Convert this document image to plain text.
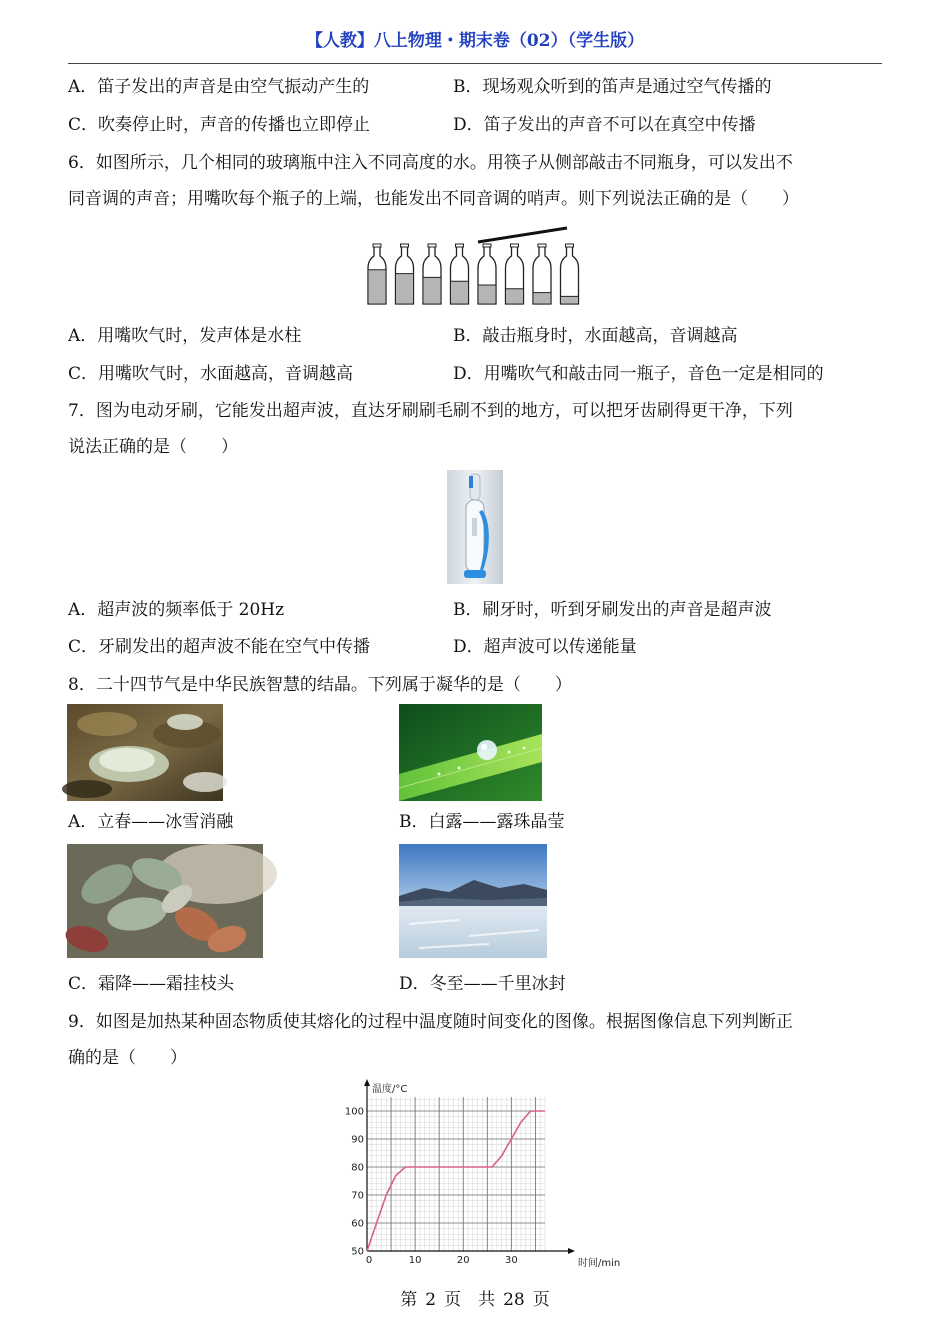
【人教】八上物理・期末卷（02）（学生版）
A．笛子发出的声音是由空气振动产生的	B．现场观众听到的笛声是通过空气传播的
C．吹奏停止时，声音的传播也立即停止	D．笛子发出的声音不可以在真空中传播
6．如图所示，几个相同的玻璃瓶中注入不同高度的水。用筷子从侧部敲击不同瓶身，可以发出不
同音调的声音；用嘴吹每个瓶子的上端，也能发出不同音调的哨声。则下列说法正确的是（　　）
A．用嘴吹气时，发声体是水柱	B．敲击瓶身时，水面越高，音调越高
C．用嘴吹气时，水面越高，音调越高	D．用嘴吹气和敲击同一瓶子，音色一定是相同的
7．图为电动牙刷，它能发出超声波，直达牙刷刷毛刷不到的地方，可以把牙齿刷得更干净，下列
说法正确的是（　　）
A．超声波的频率低于 20Hz	B．刷牙时，听到牙刷发出的声音是超声波
C．牙刷发出的超声波不能在空气中传播	D．超声波可以传递能量
8．二十四节气是中华民族智慧的结晶。下列属于凝华的是（　　）
A．立春——冰雪消融	B．白露——露珠晶莹
C．霜降——霜挂枝头	D．冬至——千里冰封
9．如图是加热某种固态物质使其熔化的过程中温度随时间变化的图像。根据图像信息下列判断正
确的是（　　）
50
60
70
80
90
100
0	10	20	30
温度/°C
时间/min
第 2 页　共 28 页
